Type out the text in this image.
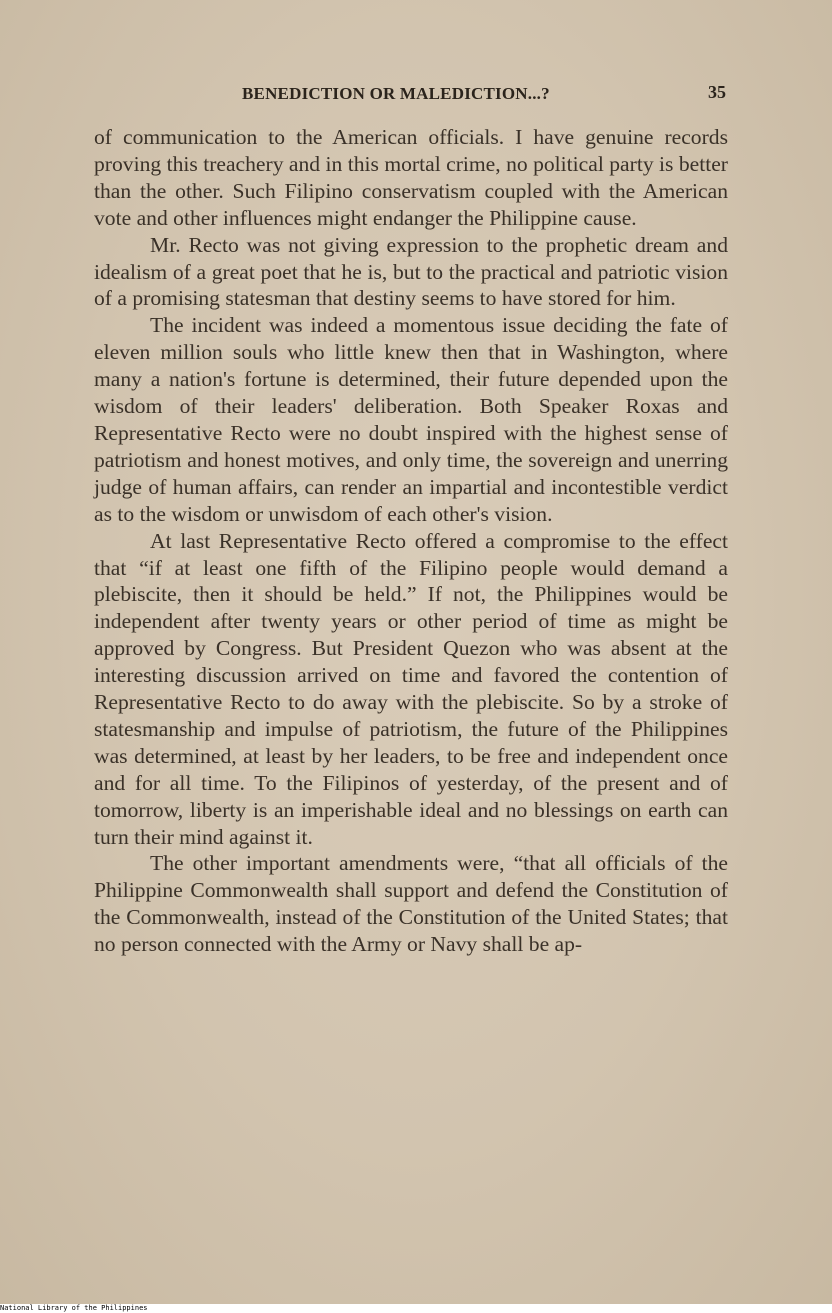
BENEDICTION OR MALEDICTION...?	35

of communication to the American officials. I have genuine records proving this treachery and in this mortal crime, no political party is better than the other. Such Filipino conservatism coupled with the American vote and other influences might endanger the Philippine cause.

Mr. Recto was not giving expression to the prophetic dream and idealism of a great poet that he is, but to the practical and patriotic vision of a promising statesman that destiny seems to have stored for him.

The incident was indeed a momentous issue deciding the fate of eleven million souls who little knew then that in Washington, where many a nation's fortune is determined, their future depended upon the wisdom of their leaders' deliberation. Both Speaker Roxas and Representative Recto were no doubt inspired with the highest sense of patriotism and honest motives, and only time, the sovereign and unerring judge of human affairs, can render an impartial and incontestible verdict as to the wisdom or unwisdom of each other's vision.

At last Representative Recto offered a compromise to the effect that “if at least one fifth of the Filipino people would demand a plebiscite, then it should be held.” If not, the Philippines would be independent after twenty years or other period of time as might be approved by Congress. But President Quezon who was absent at the interesting discussion arrived on time and favored the contention of Representative Recto to do away with the plebiscite. So by a stroke of statesmanship and impulse of patriotism, the future of the Philippines was determined, at least by her leaders, to be free and independent once and for all time. To the Filipinos of yesterday, of the present and of tomorrow, liberty is an imperishable ideal and no blessings on earth can turn their mind against it.

The other important amendments were, “that all officials of the Philippine Commonwealth shall support and defend the Constitution of the Commonwealth, instead of the Constitution of the United States; that no person connected with the Army or Navy shall be ap-

National Library of the Philippines
